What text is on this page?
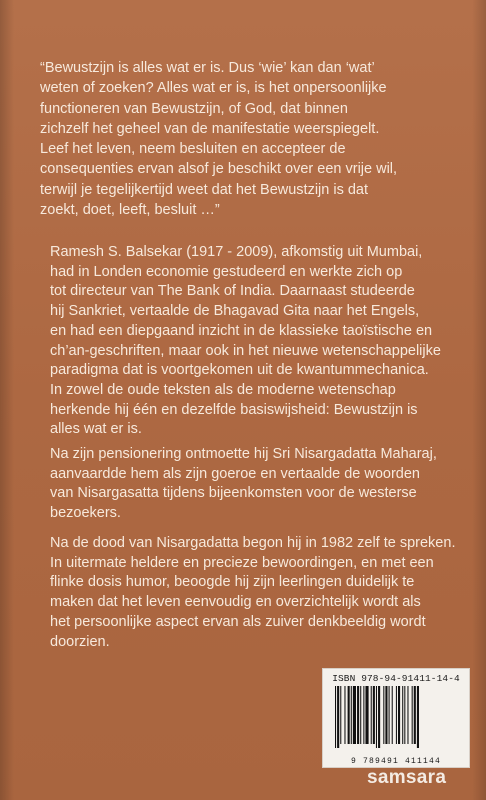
“Bewustzijn is alles wat er is. Dus ‘wie’ kan dan ‘wat’
weten of zoeken? Alles wat er is, is het onpersoonlijke
functioneren van Bewustzijn, of God, dat binnen
zichzelf het geheel van de manifestatie weerspiegelt.
Leef het leven, neem besluiten en accepteer de
consequenties ervan alsof je beschikt over een vrije wil,
terwijl je tegelijkertijd weet dat het Bewustzijn is dat
zoekt, doet, leeft, besluit …”
Ramesh S. Balsekar (1917 - 2009), afkomstig uit Mumbai,
had in Londen economie gestudeerd en werkte zich op
tot directeur van The Bank of India. Daarnaast studeerde
hij Sankriet, vertaalde de Bhagavad Gita naar het Engels,
en had een diepgaand inzicht in de klassieke taoïstische en
ch’an-geschriften, maar ook in het nieuwe wetenschappelijke
paradigma dat is voortgekomen uit de kwantummechanica.
In zowel de oude teksten als de moderne wetenschap
herkende hij één en dezelfde basiswijsheid: Bewustzijn is
alles wat er is.
Na zijn pensionering ontmoette hij Sri Nisargadatta Maharaj,
aanvaardde hem als zijn goeroe en vertaalde de woorden
van Nisargasatta tijdens bijeenkomsten voor de westerse
bezoekers.
Na de dood van Nisargadatta begon hij in 1982 zelf te spreken.
In uitermate heldere en precieze bewoordingen, en met een
flinke dosis humor, beoogde hij zijn leerlingen duidelijk te
maken dat het leven eenvoudig en overzichtelijk wordt als
het persoonlijke aspect ervan als zuiver denkbeeldig wordt
doorzien.
ISBN 978-94-91411-14-4
9 789491 411144
samsara
